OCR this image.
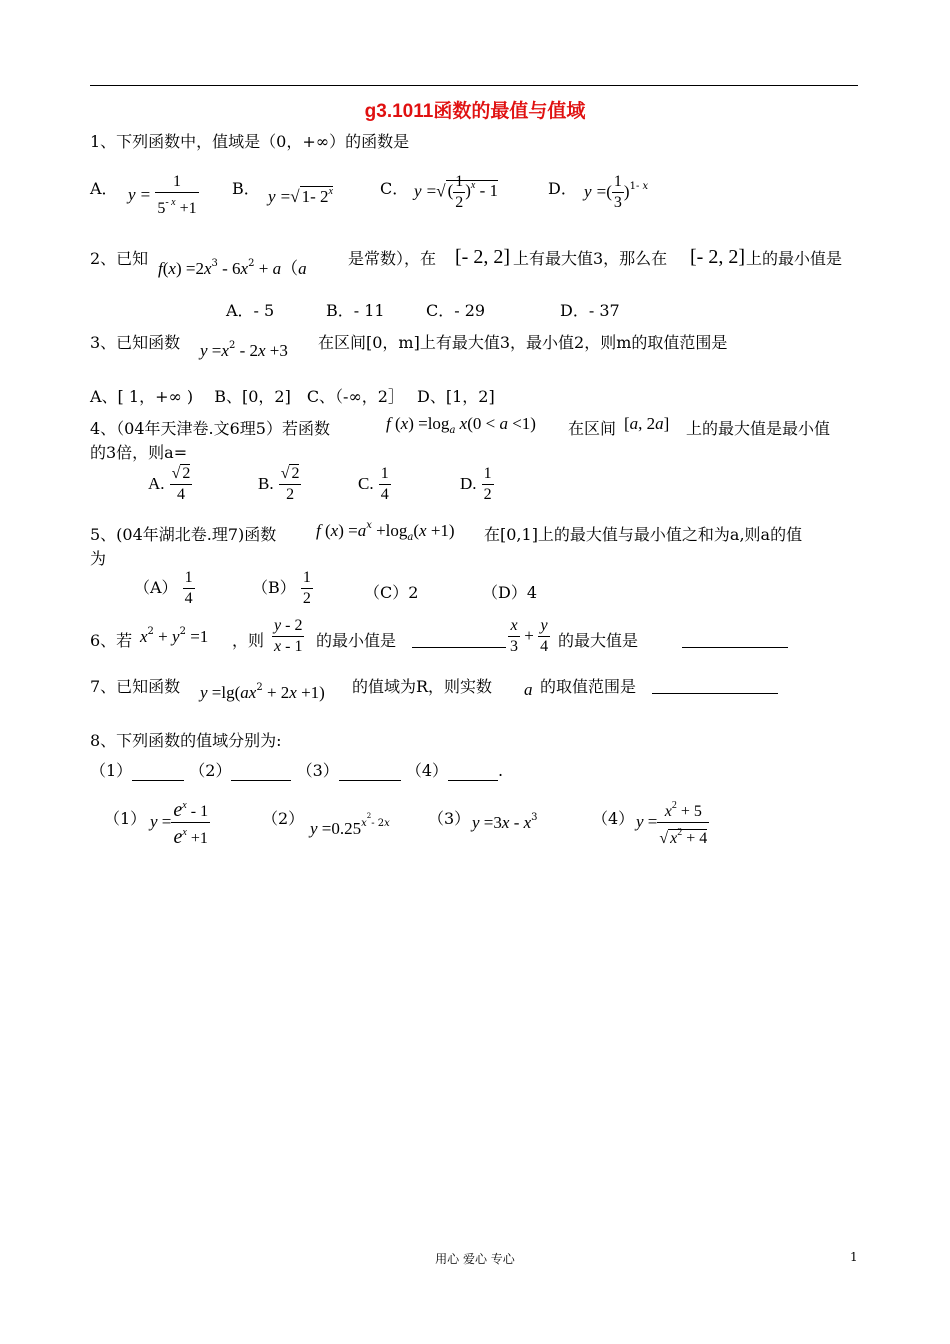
g3.1011函数的最值与值域
1、下列函数中，值域是（0，+∞）的函数是
A． $y = \frac{1}{5^{- x} +1}$ B． y =√ 1- 2$^x$	C． y =√ ( $\frac{1}{2} )^x - 1$	D． y =( $\frac{1}{3} )^{1- x}$
2、已知
$f(x) =2x^3 - 6x^2 + a(a$
是常数），在 [- 2, 2] 上有最大值3，那么在 [- 2, 2] 上的最小值是
A．- 5	B．- 11	C．- 29	D．- 37
3、已知函数 $y =x^2 - 2x +3$ 在区间[0，m]上有最大值3，最小值2，则m的取值范围是
A、[ 1，+∞ )　 B、[0，2]　C、（-∞，2］　 D、[1，2]
4、（04年天津卷.文6理5）若函数	f $(x) =\log_a$ x(0 < a <1) 在区间 [a, 2a] 上的最大值是最小值
的3倍，则a=
A. $\frac{√ 2}{4}$	B. $\frac{√ 2}{2}$	C. $\frac{1}{4}$	D. $\frac{1}{2}$
5、(04年湖北卷.理7)函数 f $(x) =a^x +\log_a(x +1)$ 在[0,1]上的最大值与最小值之和为a,则a的值
为
$(A) \frac{1}{4}$	$(B) \frac{1}{2}$	（C）2	（D）4
6、若 $x^2 + y^2 =1$ ，则 $\frac{y - 2}{x - 1}$ 的最小值是
	$\frac{x}{3} + \frac{y}{4}$ 的最大值是

7、已知函数 $y =\lg(ax^2 + 2x +1)$ 的值域为R，则实数 a 的取值范围是

8、下列函数的值域分别为:
（1）	（2）	（3）	（4）	.
（1） $y = \frac{e^x - 1}{e^x +1}$	（2）
$y =0.25^{x^2- 2x}$ （3） $y =3x - x^3$	（4） $y = \frac{x^2 + 5}{√ x^2 + 4}$
用心 爱心 专心	1
